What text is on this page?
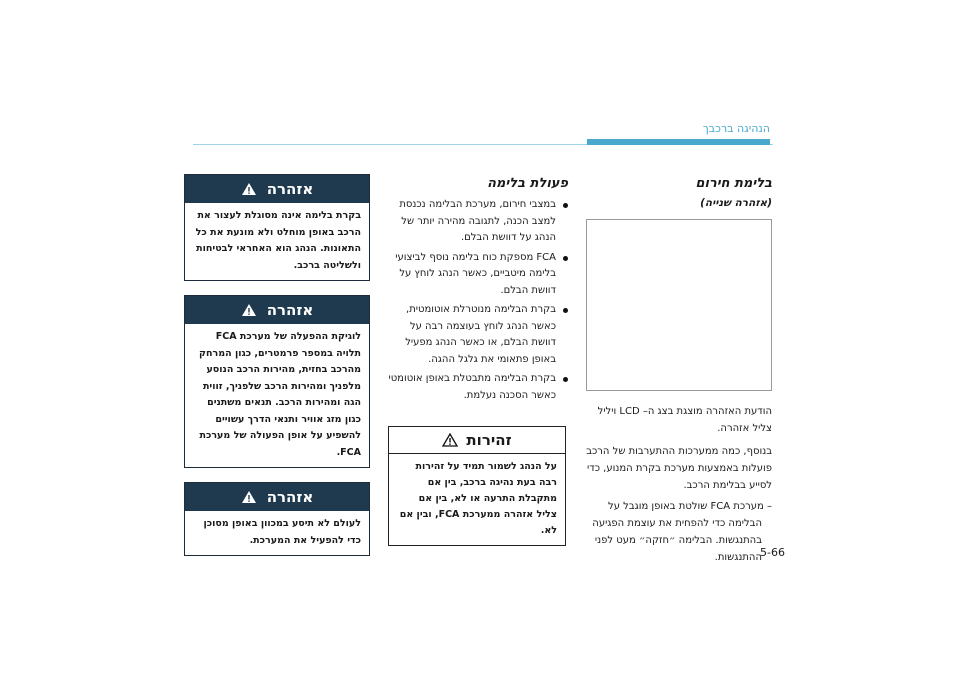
הנהיגה ברכבך
בלימת חירום
(אזהרה שנייה)
הודעת האזהרה מוצגת בצג ה– LCD ויליל צליל אזהרה.
בנוסף, כמה ממערכות ההתערבות של הרכב פועלות באמצעות מערכת בקרת המנוע, כדי לסייע בבלימת הרכב.
– מערכת FCA שולטת באופן מוגבל על הבלימה כדי להפחית את עוצמת הפגיעה בהתנגשות. הבלימה ״חזקה״ מעט לפני ההתנגשות.
פעולת בלימה
במצבי חירום, מערכת הבלימה נכנסת למצב הכנה, לתגובה מהירה יותר של הנהג על דוושת הבלם.
FCA מספקת כוח בלימה נוסף לביצועי בלימה מיטביים, כאשר הנהג לוחץ על דוושת הבלם.
בקרת הבלימה מנוטרלת אוטומטית, כאשר הנהג לוחץ בעוצמה רבה על דוושת הבלם, או כאשר הנהג מפעיל באופן פתאומי את גלגל ההגה.
בקרת הבלימה מתבטלת באופן אוטומטי כאשר הסכנה נעלמת.
זהירות
על הנהג לשמור תמיד על זהירות רבה בעת נהיגה ברכב, בין אם מתקבלת התרעה או לא, בין אם צליל אזהרה ממערכת FCA, ובין אם לא.
אזהרה
בקרת בלימה אינה מסוגלת לעצור את הרכב באופן מוחלט ולא מונעת את כל התאונות. הנהג הוא האחראי לבטיחות ולשליטה ברכב.
אזהרה
לוגיקת ההפעלה של מערכת FCA תלויה במספר פרמטרים, כגון המרחק מהרכב בחזית, מהירות הרכב הנוסע מלפניך ומהירות הרכב שלפניך, זווית הגה ומהירות הרכב. תנאים משתנים כגון מזג אוויר ותנאי הדרך עשויים להשפיע על אופן הפעולה של מערכת FCA.
אזהרה
לעולם לא תיסע במכוון באופן מסוכן כדי להפעיל את המערכת.
5-66
